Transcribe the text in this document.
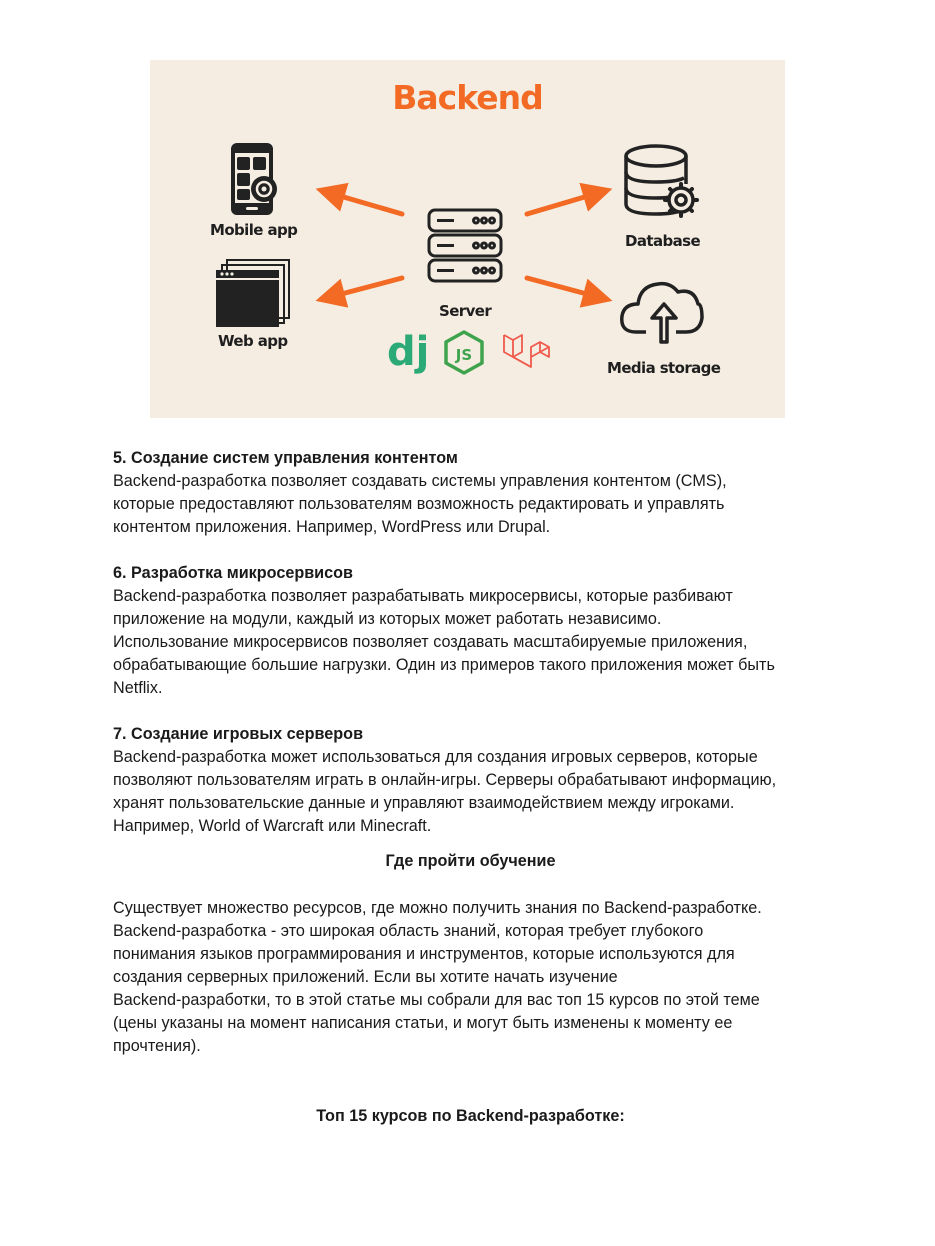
dj JS
Backend
Mobile app
Web app
Server
Database
Media storage

5. Создание систем управления контентом

Backend-разработка позволяет создавать системы управления контентом (CMS),

которые предоставляют пользователям возможность редактировать и управлять

контентом приложения. Например, WordPress или Drupal.

6. Разработка микросервисов

Backend-разработка позволяет разрабатывать микросервисы, которые разбивают

приложение на модули, каждый из которых может работать независимо.

Использование микросервисов позволяет создавать масштабируемые приложения,

обрабатывающие большие нагрузки. Один из примеров такого приложения может быть

Netflix.

7. Создание игровых серверов

Backend-разработка может использоваться для создания игровых серверов, которые

позволяют пользователям играть в онлайн-игры. Серверы обрабатывают информацию,

хранят пользовательские данные и управляют взаимодействием между игроками.

Например, World of Warcraft или Minecraft.

Где пройти обучение

Существует множество ресурсов, где можно получить знания по Backend-разработке.

Backend-разработка - это широкая область знаний, которая требует глубокого

понимания языков программирования и инструментов, которые используются для

создания серверных приложений. Если вы хотите начать изучение

Backend-разработки, то в этой статье мы собрали для вас топ 15 курсов по этой теме

(цены указаны на момент написания статьи, и могут быть изменены к моменту ее

прочтения).

Топ 15 курсов по Backend-разработке:
